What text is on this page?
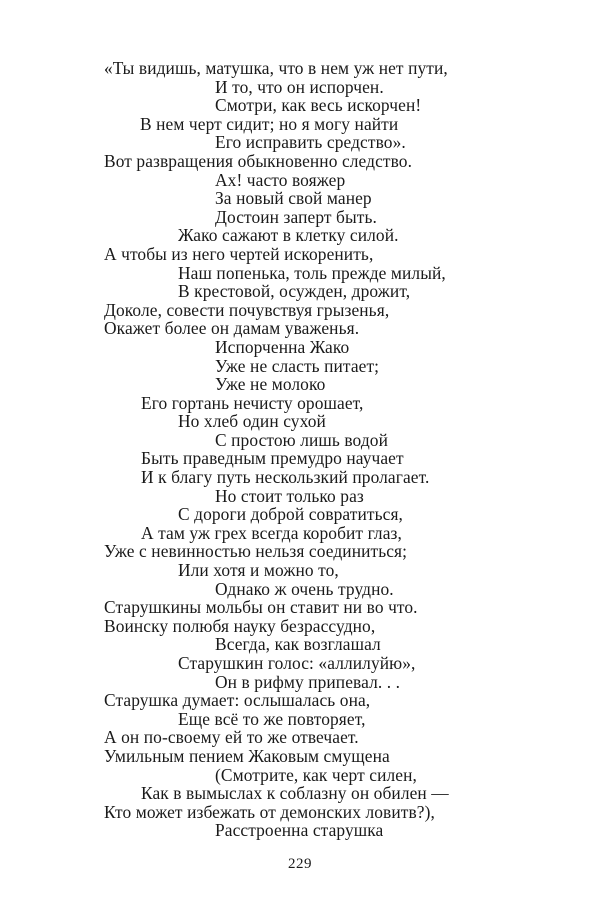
«Ты видишь, матушка, что в нем уж нет пути,
И то, что он испорчен.
Смотри, как весь искорчен!
В нем черт сидит; но я могу найти
Его исправить средство».
Вот развращения обыкновенно следство.
Ах! часто вояжер
За новый свой манер
Достоин заперт быть.
Жако сажают в клетку силой.
А чтобы из него чертей искоренить,
Наш попенька, толь прежде милый,
В крестовой, осужден, дрожит,
Доколе, совести почувствуя грызенья,
Окажет более он дамам уваженья.
Испорченна Жако
Уже не сласть питает;
Уже не молоко
Его гортань нечисту орошает,
Но хлеб один сухой
С простою лишь водой
Быть праведным премудро научает
И к благу путь нескользкий пролагает.
Но стоит только раз
С дороги доброй совратиться,
А там уж грех всегда коробит глаз,
Уже с невинностью нельзя соединиться;
Или хотя и можно то,
Однако ж очень трудно.
Старушкины мольбы он ставит ни во что.
Воинску полюбя науку безрассудно,
Всегда, как возглашал
Старушкин голос: «аллилуйю»,
Он в рифму припевал. . .
Старушка думает: ослышалась она,
Еще всё то же повторяет,
А он по-своему ей то же отвечает.
Умильным пением Жаковым смущена
(Смотрите, как черт силен,
Как в вымыслах к соблазну он обилен —
Кто может избежать от демонских ловитв?),
Расстроенна старушка
229
